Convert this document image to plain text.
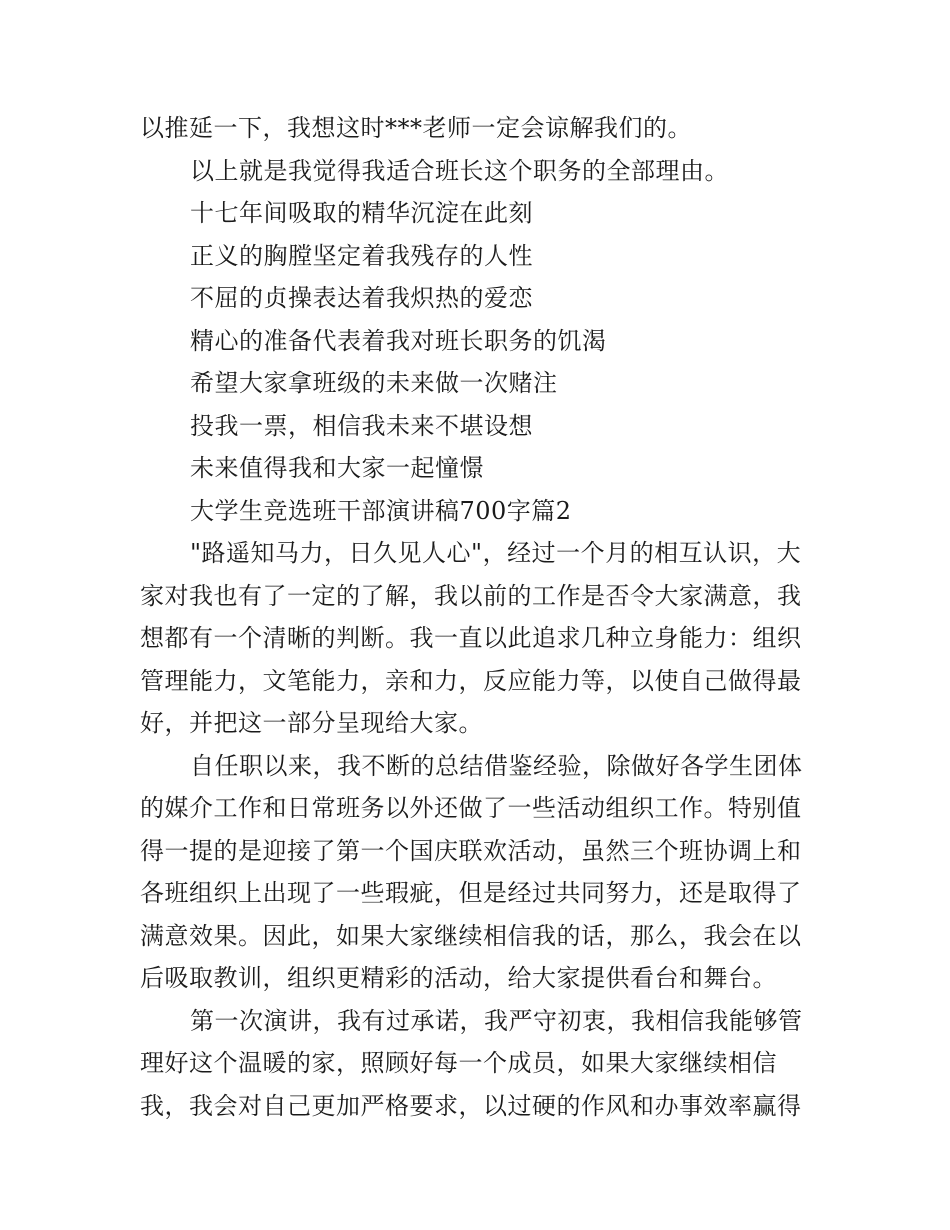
以推延一下，我想这时***老师一定会谅解我们的。
以上就是我觉得我适合班长这个职务的全部理由。
十七年间吸取的精华沉淀在此刻
正义的胸膛坚定着我残存的人性
不屈的贞操表达着我炽热的爱恋
精心的准备代表着我对班长职务的饥渴
希望大家拿班级的未来做一次赌注
投我一票，相信我未来不堪设想
未来值得我和大家一起憧憬
大学生竞选班干部演讲稿700字篇2
"路遥知马力，日久见人心"，经过一个月的相互认识，大
家对我也有了一定的了解，我以前的工作是否令大家满意，我
想都有一个清晰的判断。我一直以此追求几种立身能力：组织
管理能力，文笔能力，亲和力，反应能力等，以使自己做得最
好，并把这一部分呈现给大家。
自任职以来，我不断的总结借鉴经验，除做好各学生团体
的媒介工作和日常班务以外还做了一些活动组织工作。特别值
得一提的是迎接了第一个国庆联欢活动，虽然三个班协调上和
各班组织上出现了一些瑕疵，但是经过共同努力，还是取得了
满意效果。因此，如果大家继续相信我的话，那么，我会在以
后吸取教训，组织更精彩的活动，给大家提供看台和舞台。
第一次演讲，我有过承诺，我严守初衷，我相信我能够管
理好这个温暖的家，照顾好每一个成员，如果大家继续相信
我，我会对自己更加严格要求，以过硬的作风和办事效率赢得
